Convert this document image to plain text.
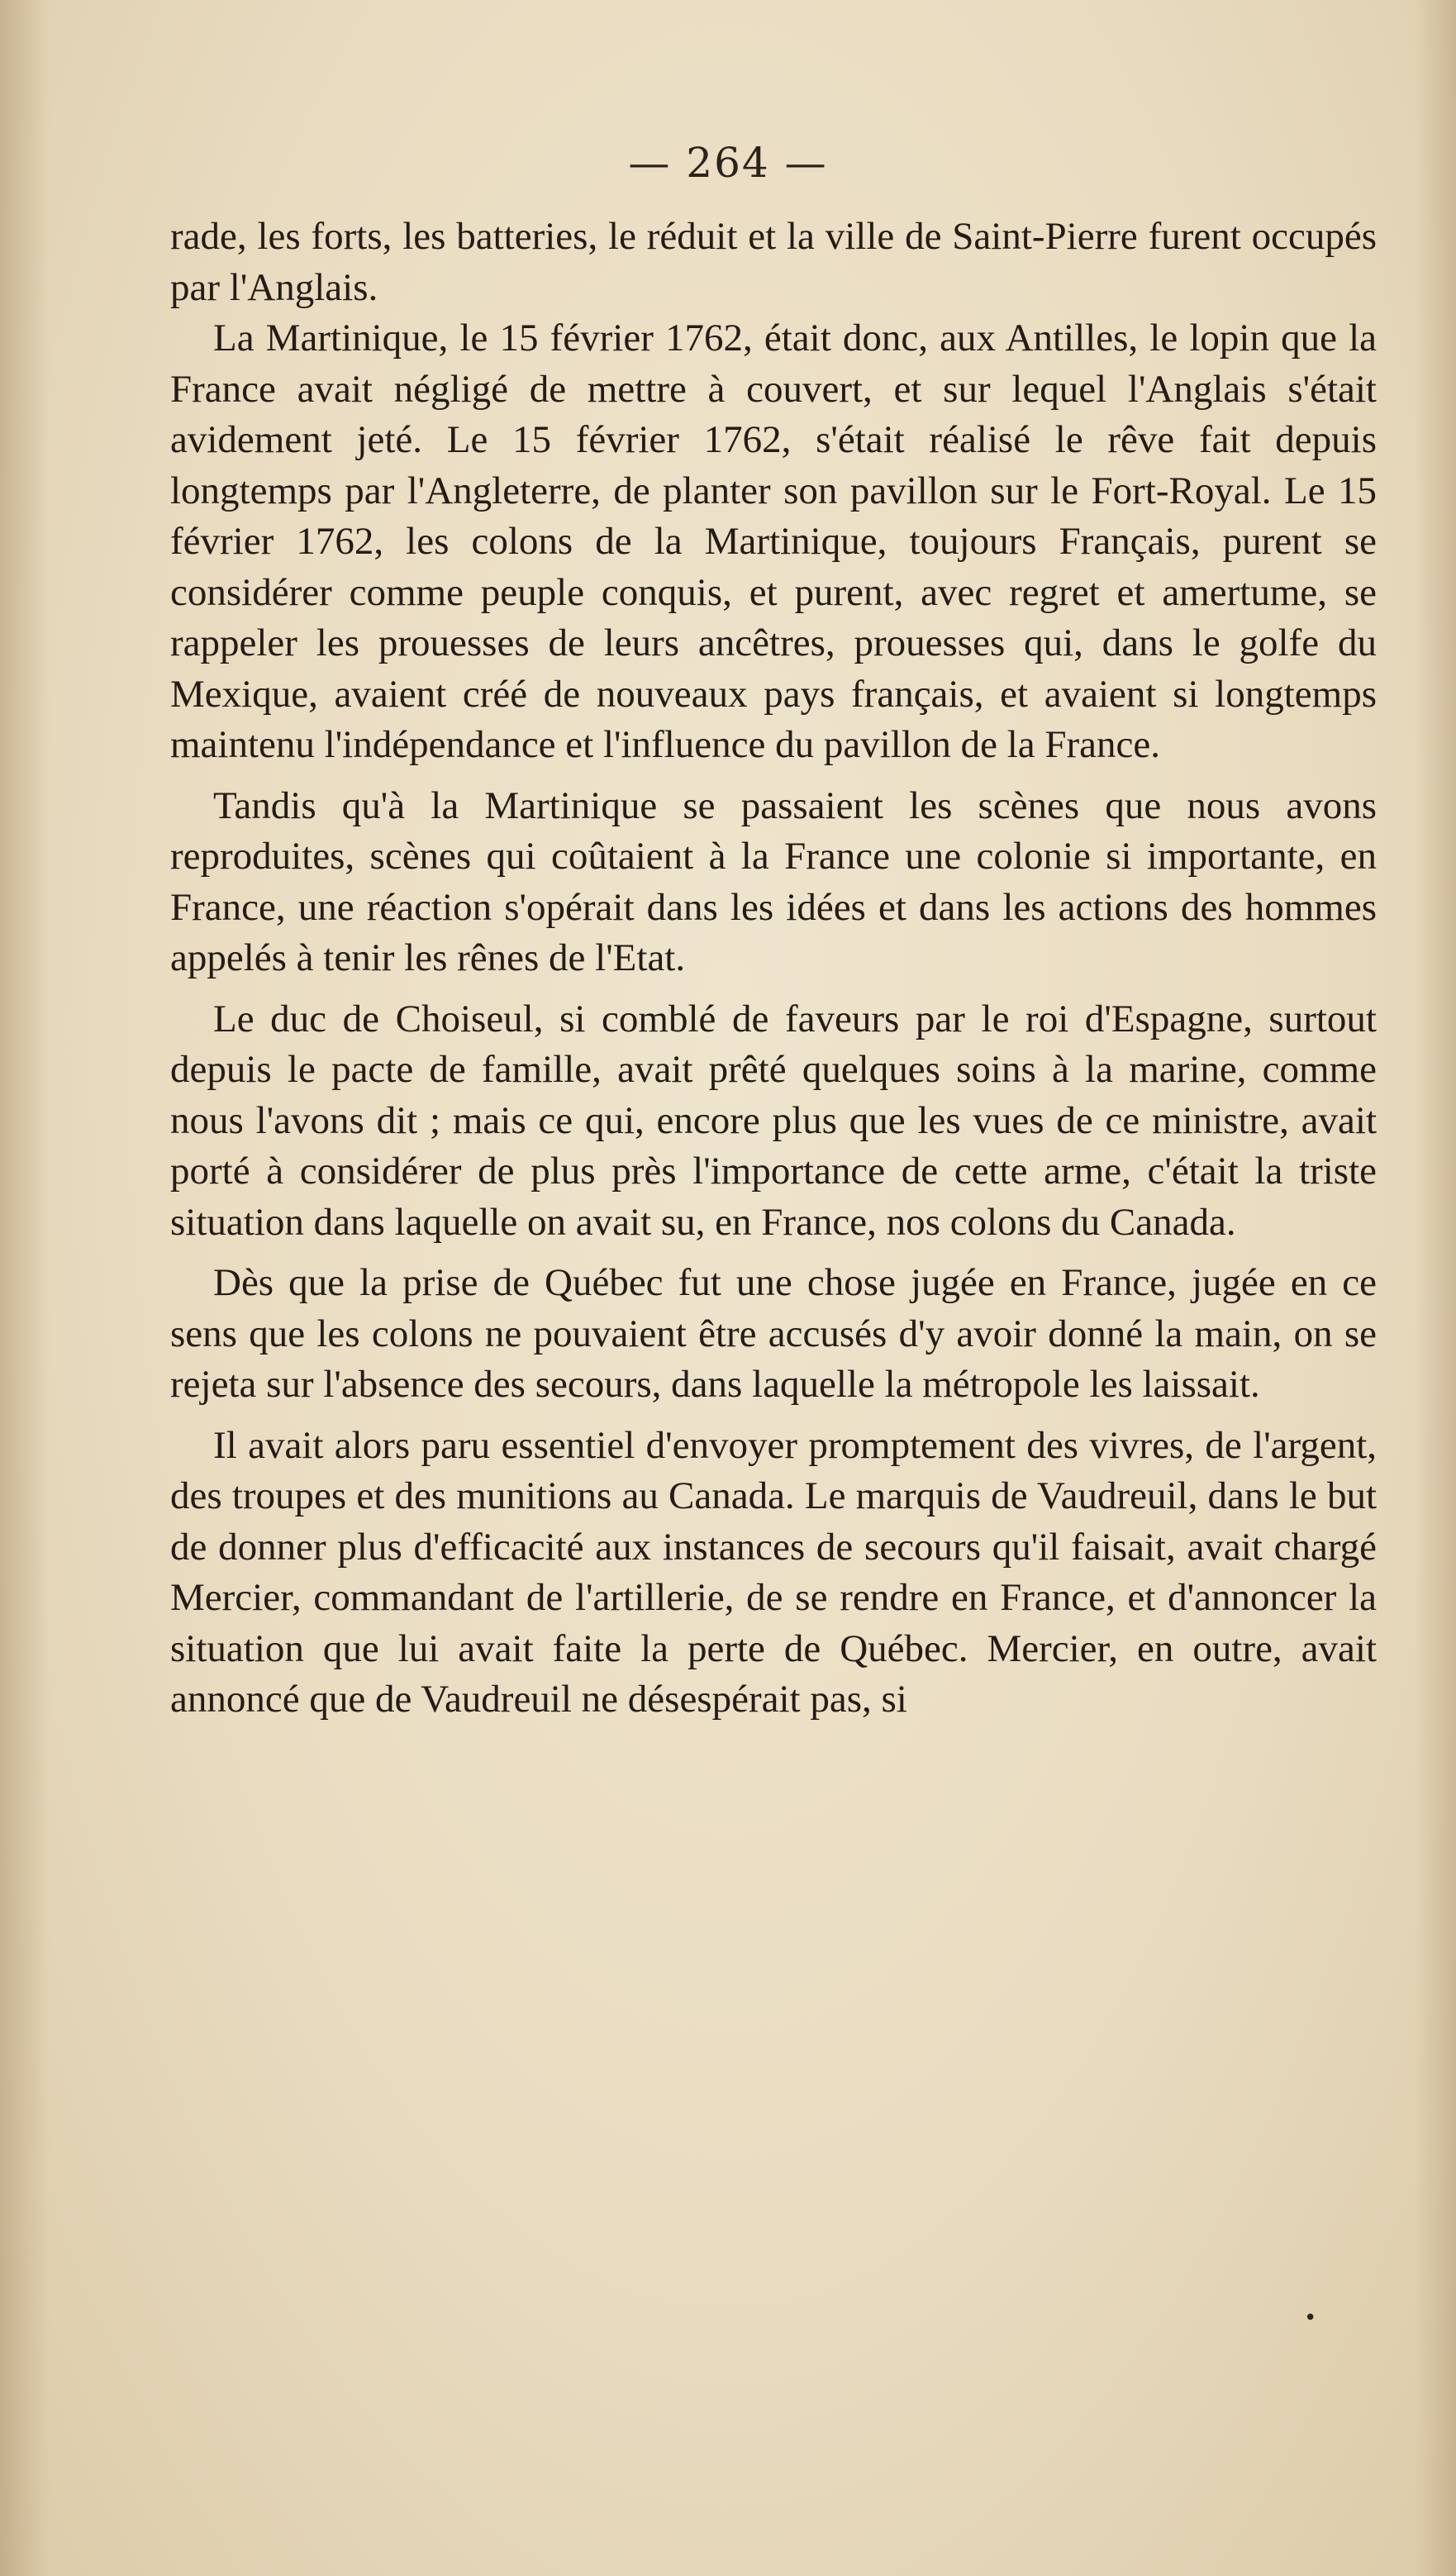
— 264 —

rade, les forts, les batteries, le réduit et la ville de Saint-Pierre furent occupés par l'Anglais.

La Martinique, le 15 février 1762, était donc, aux Antilles, le lopin que la France avait négligé de mettre à couvert, et sur lequel l'Anglais s'était avidement jeté. Le 15 février 1762, s'était réalisé le rêve fait depuis longtemps par l'Angleterre, de planter son pavillon sur le Fort-Royal. Le 15 février 1762, les colons de la Martinique, toujours Français, purent se considérer comme peuple conquis, et purent, avec regret et amertume, se rappeler les prouesses de leurs ancêtres, prouesses qui, dans le golfe du Mexique, avaient créé de nouveaux pays français, et avaient si longtemps maintenu l'indépendance et l'influence du pavillon de la France.

Tandis qu'à la Martinique se passaient les scènes que nous avons reproduites, scènes qui coûtaient à la France une colonie si importante, en France, une réaction s'opérait dans les idées et dans les actions des hommes appelés à tenir les rênes de l'Etat.

Le duc de Choiseul, si comblé de faveurs par le roi d'Espagne, surtout depuis le pacte de famille, avait prêté quelques soins à la marine, comme nous l'avons dit ; mais ce qui, encore plus que les vues de ce ministre, avait porté à considérer de plus près l'importance de cette arme, c'était la triste situation dans laquelle on avait su, en France, nos colons du Canada.

Dès que la prise de Québec fut une chose jugée en France, jugée en ce sens que les colons ne pouvaient être accusés d'y avoir donné la main, on se rejeta sur l'absence des secours, dans laquelle la métropole les laissait.

Il avait alors paru essentiel d'envoyer promptement des vivres, de l'argent, des troupes et des munitions au Canada. Le marquis de Vaudreuil, dans le but de donner plus d'efficacité aux instances de secours qu'il faisait, avait chargé Mercier, commandant de l'artillerie, de se rendre en France, et d'annoncer la situation que lui avait faite la perte de Québec. Mercier, en outre, avait annoncé que de Vaudreuil ne désespérait pas, si

•
